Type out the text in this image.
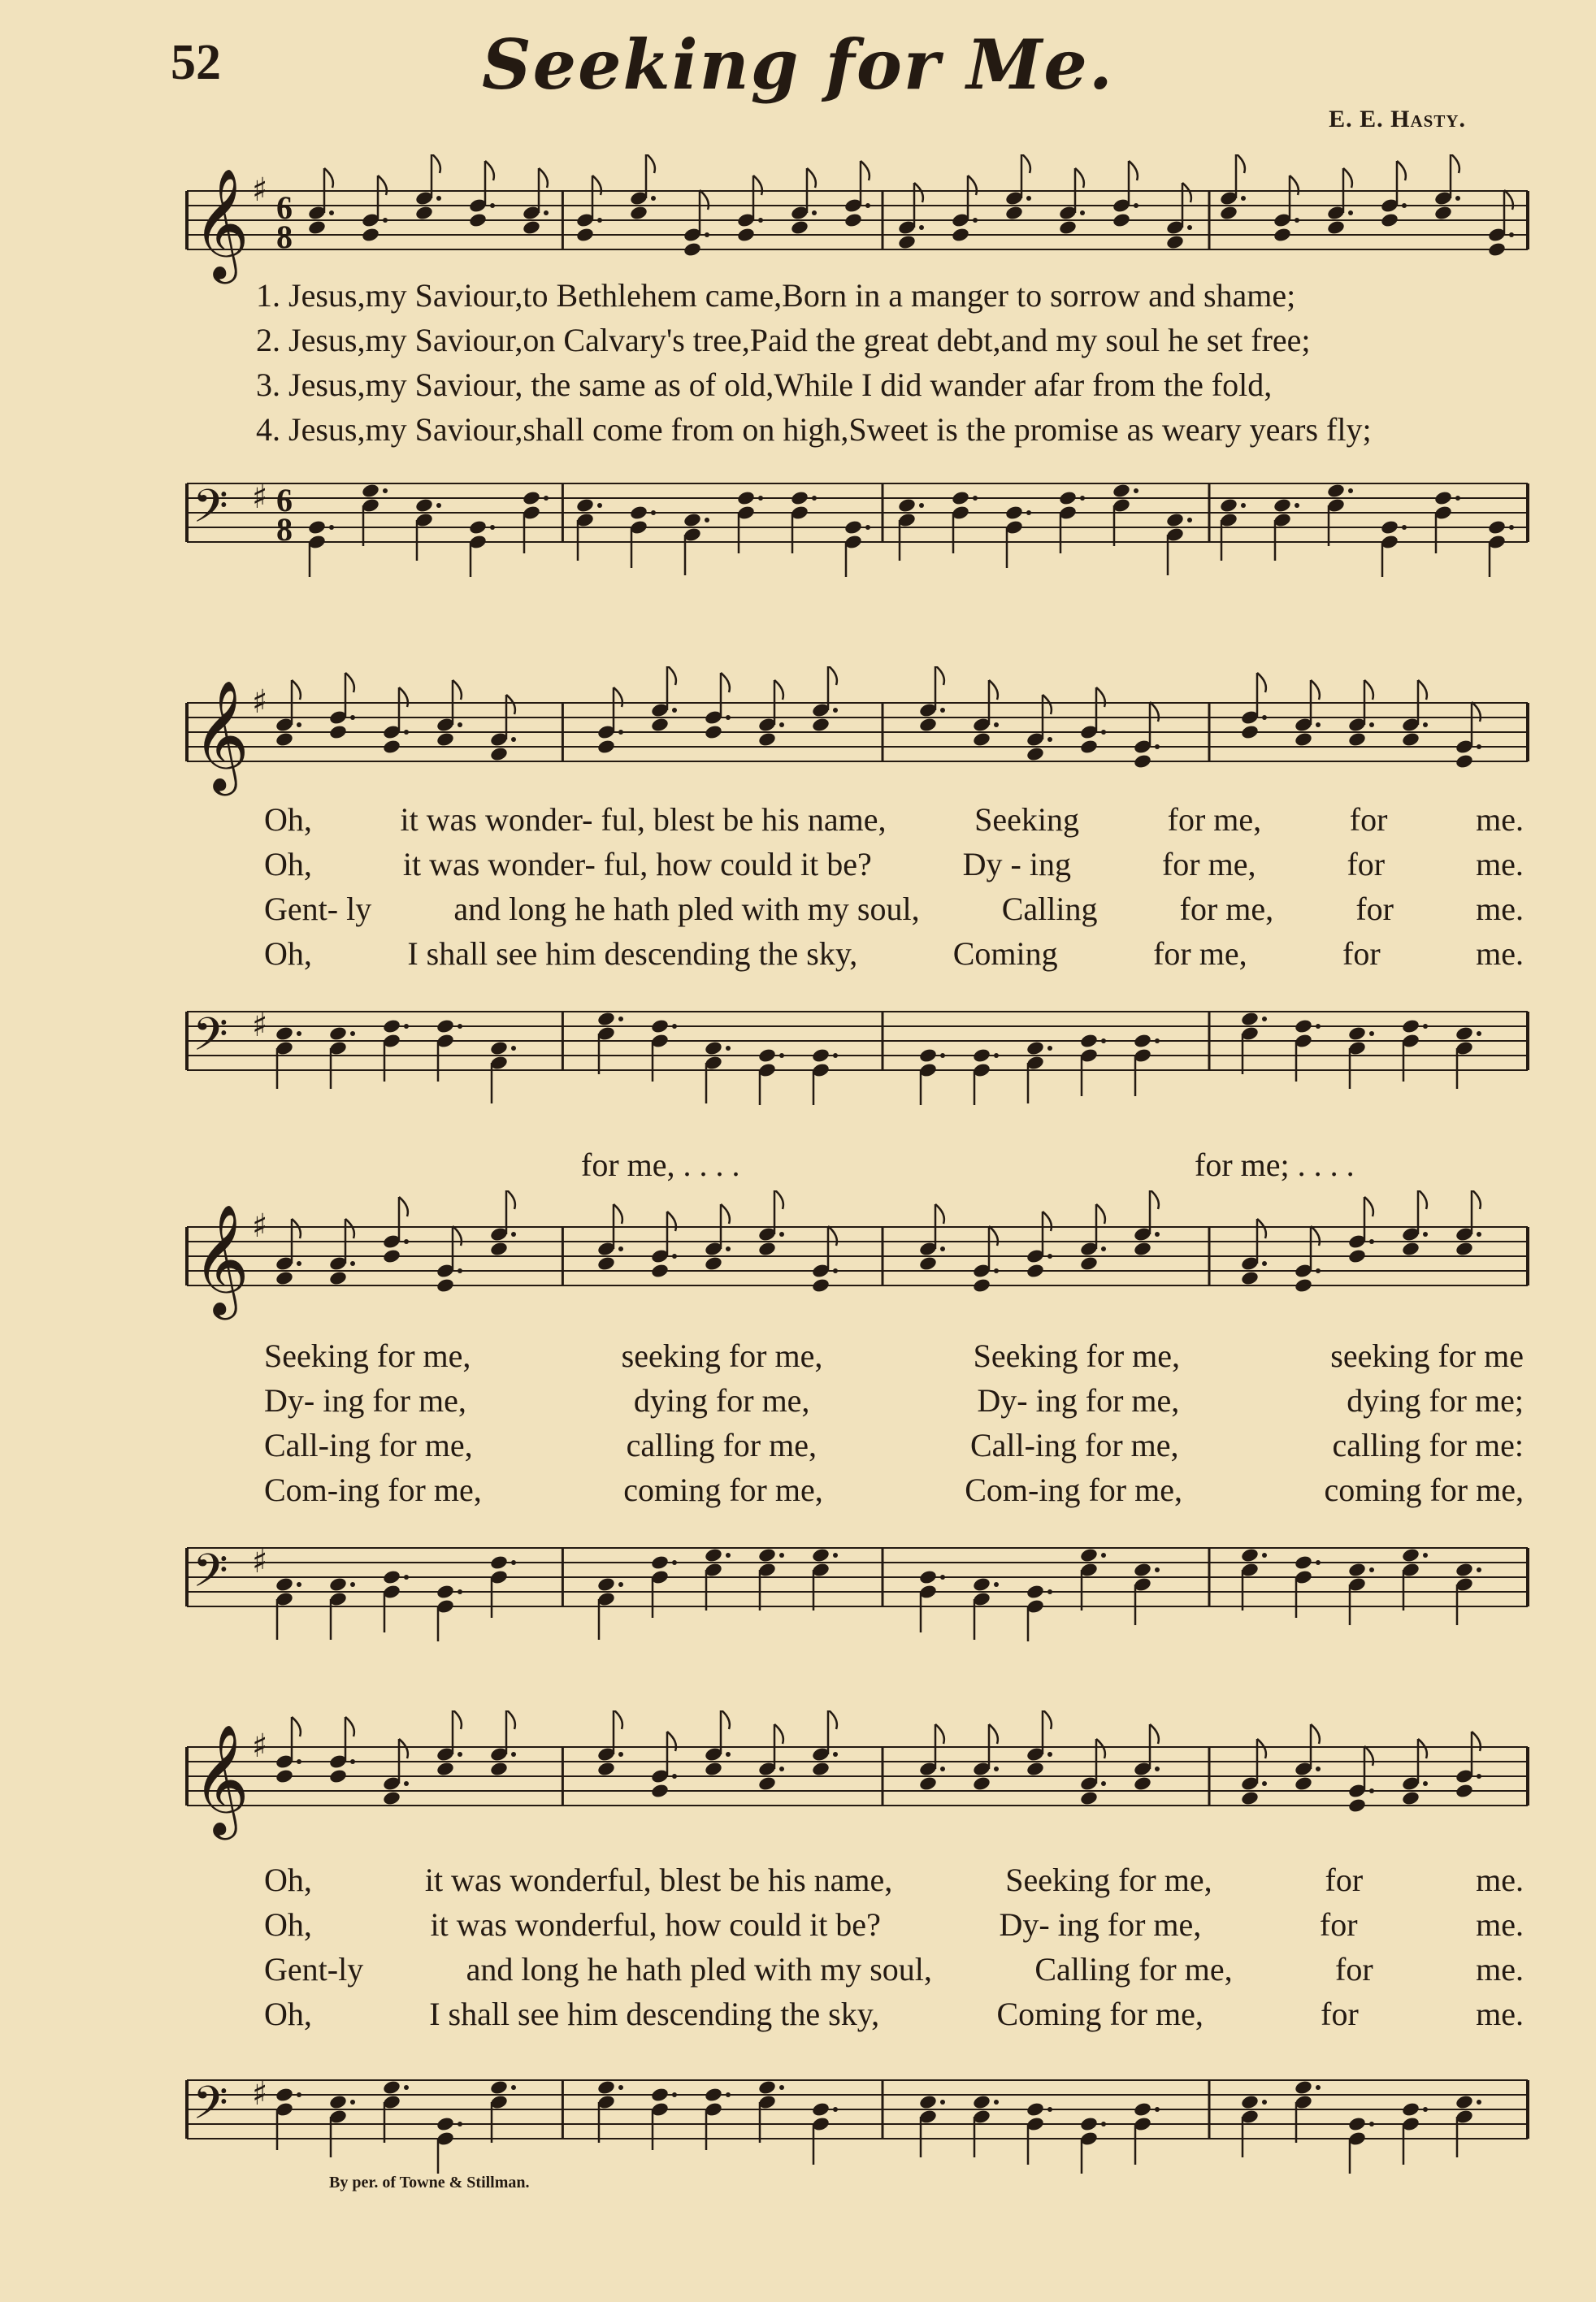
52	Seeking for Me.
E. E. Hasty.
𝄞 ♯ 6
8
1. Jesus,my Saviour,to Bethlehem came,Born in a manger to sorrow and shame;
2. Jesus,my Saviour,on Calvary's tree,Paid the great debt,and my soul he set free;
3. Jesus,my Saviour, the same as of old,While I did wander afar from the fold,
4. Jesus,my Saviour,shall come from on high,Sweet is the promise as weary years fly;
𝄢 ♯ 6
8
𝄞 ♯
Oh,	it was wonder- ful, blest be his name,	Seeking	for me,	for	me.
Oh,	it was wonder- ful, how could it be?	Dy - ing	for me,	for	me.
Gent- ly	and long he hath pled with my soul,	Calling	for me,	for	me.
Oh,	I shall see him descending the sky,	Coming	for me,	for	me.
𝄢 ♯
for me, . . . .	for me; . . . .
𝄞 ♯
Seeking for me,	seeking for me,	Seeking for me,	seeking for me
Dy- ing for me,	dying for me,	Dy- ing for me,	dying for me;
Call-ing for me,	calling for me,	Call-ing for me,	calling for me:
Com-ing for me,	coming for me,	Com-ing for me,	coming for me,
𝄢 ♯
𝄞 ♯
Oh,	it was wonderful, blest be his name,	Seeking for me,	for	me.
Oh,	it was wonderful, how could it be?	Dy- ing for me,	for	me.
Gent-ly	and long he hath pled with my soul,	Calling for me,	for	me.
Oh,	I shall see him descending the sky,	Coming for me,	for	me.
𝄢 ♯
By per. of Towne & Stillman.
